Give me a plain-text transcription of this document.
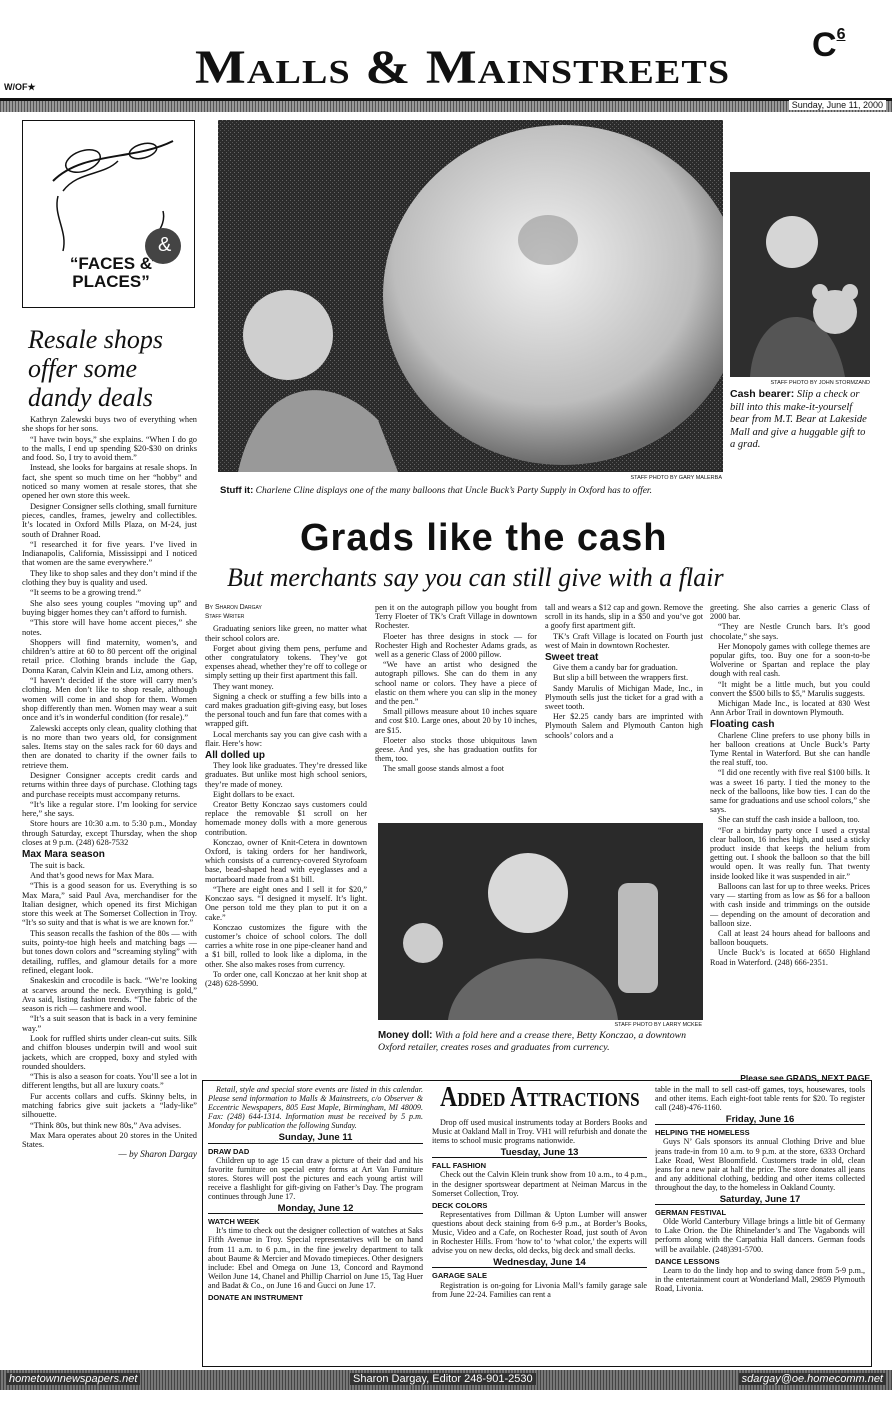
W/OF★	Malls & Mainstreets $C^6$
Sunday, June 11, 2000
&
“FACES & PLACES”
Resale shops offer some dandy deals

Kathryn Zalewski buys two of everything when she shops for her sons.

“I have twin boys,” she explains. “When I do go to the malls, I end up spending $20-$30 on drinks and food. So, I try to avoid them.”

Instead, she looks for bargains at resale shops. In fact, she spent so much time on her “hobby” and noticed so many women at resale stores, that she opened her own store this week.

Designer Consigner sells clothing, small furniture pieces, candles, frames, jewelry and collectibles. It’s located in Oxford Mills Plaza, on M-24, just south of Drahner Road.

“I researched it for five years. I’ve lived in Indianapolis, California, Mississippi and I noticed that women are the same everywhere.”

They like to shop sales and they don’t mind if the clothing they buy is quality and used.

“It seems to be a growing trend.”

She also sees young couples “moving up” and buying bigger homes they can’t afford to furnish.

“This store will have home accent pieces,” she notes.

Shoppers will find maternity, women’s, and children’s attire at 60 to 80 percent off the original retail price. Clothing brands include the Gap, Donna Karan, Calvin Klein and Liz, among others.

“I haven’t decided if the store will carry men’s clothing. Men don’t like to shop resale, although women will come in and shop for them. Women shop differently than men. Women may wear a suit once and it’s in wonderful condition (for resale).”

Zalewski accepts only clean, quality clothing that is no more than two years old, for consignment sales. Items stay on the sales rack for 60 days and then are donated to charity if the owner fails to retrieve them.

Designer Consigner accepts credit cards and returns within three days of purchase. Clothing tags and purchase receipts must accompany returns.

“It’s like a regular store. I’m looking for service here,” she says.

Store hours are 10:30 a.m. to 5:30 p.m., Monday through Saturday, except Thursday, when the shop closes at 9 p.m. (248) 628-7532

Max Mara season

The suit is back.

And that’s good news for Max Mara.

“This is a good season for us. Everything is so Max Mara,” said Paul Ava, merchandiser for the Italian designer, which opened its first Michigan store this week at The Somerset Collection in Troy. “It’s so suity and that is what is we are known for.”

This season recalls the fashion of the 80s — with suits, pointy-toe high heels and matching bags — but tones down colors and “screaming styling” with detailing, ruffles, and glamour details for a more refined, elegant look.

Snakeskin and crocodile is back. “We’re looking at scarves around the neck. Everything is gold,” Ava said, listing fashion trends. “The fabric of the season is rich — cashmere and wool.

“It’s a suit season that is back in a very feminine way.”

Look for ruffled shirts under clean-cut suits. Silk and chiffon blouses underpin twill and wool suit jackets, which are cropped, boxy and styled with rounded shoulders.

“This is also a season for coats. You’ll see a lot in different lengths, but all are luxury coats.”

Fur accents collars and cuffs. Skinny belts, in matching fabrics give suit jackets a “lady-like” silhouette.

“Think 80s, but think new 80s,” Ava advises.

Max Mara operates about 20 stores in the United States.

— by Sharon Dargay
STAFF PHOTO BY GARY MALERBA
Stuff it: Charlene Cline displays one of the many balloons that Uncle Buck’s Party Supply in Oxford has to offer.
STAFF PHOTO BY JOHN STORMZAND
Cash bearer: Slip a check or bill into this make-it-yourself bear from M.T. Bear at Lakeside Mall and give a huggable gift to a grad.
Grads like the cash
But merchants say you can still give with a flair
By Sharon Dargay
Staff Writer

Graduating seniors like green, no matter what their school colors are.

Forget about giving them pens, perfume and other congratulatory tokens. They’ve got expenses ahead, whether they’re off to college or simply setting up their first apartment this fall.

They want money.

Signing a check or stuffing a few bills into a card makes graduation gift-giving easy, but loses the personal touch and fun fare that comes with a wrapped gift.

Local merchants say you can give cash with a flair. Here’s how:

All dolled up

They look like graduates. They’re dressed like graduates. But unlike most high school seniors, they’re made of money.

Eight dollars to be exact.

Creator Betty Konczao says customers could replace the removable $1 scroll on her homemade money dolls with a more generous contribution.

Konczao, owner of Knit-Cetera in downtown Oxford, is taking orders for her handiwork, which consists of a currency-covered Styrofoam base, bead-shaped head with eyeglasses and a mortarboard made from a $1 bill.

“There are eight ones and I sell it for $20,” Konczao says. “I designed it myself. It’s light. One person told me they plan to put it on a cake.”

Konczao customizes the figure with the customer’s choice of school colors. The doll carries a white rose in one pipe-cleaner hand and a $1 bill, rolled to look like a diploma, in the other. She also makes roses from currency.

To order one, call Konczao at her knit shop at (248) 628-5990.

pen it on the autograph pillow you bought from Terry Floeter of TK’s Craft Village in downtown Rochester.

Floeter has three designs in stock — for Rochester High and Rochester Adams grads, as well as a generic Class of 2000 pillow.

“We have an artist who designed the autograph pillows. She can do them in any school name or colors. They have a piece of elastic on them where you can slip in the money and the pen.”

Small pillows measure about 10 inches square and cost $10. Large ones, about 20 by 10 inches, are $15.

Floeter also stocks those ubiquitous lawn geese. And yes, she has graduation outfits for them, too.

The small goose stands almost a foot

tall and wears a $12 cap and gown. Remove the scroll in its hands, slip in a $50 and you’ve got a goofy first apartment gift.

TK’s Craft Village is located on Fourth just west of Main in downtown Rochester.

Sweet treat

Give them a candy bar for graduation.

But slip a bill between the wrappers first.

Sandy Marulis of Michigan Made, Inc., in Plymouth sells just the ticket for a grad with a sweet tooth.

Her $2.25 candy bars are imprinted with Plymouth Salem and Plymouth Canton high schools’ colors and a

greeting. She also carries a generic Class of 2000 bar.

“They are Nestle Crunch bars. It’s good chocolate,” she says.

Her Monopoly games with college themes are popular gifts, too. Buy one for a soon-to-be Wolverine or Spartan and replace the play dough with real cash.

“It might be a little much, but you could convert the $500 bills to $5,” Marulis suggests.

Michigan Made Inc., is located at 830 West Ann Arbor Trail in downtown Plymouth.

Floating cash

Charlene Cline prefers to use phony bills in her balloon creations at Uncle Buck’s Party Tyme Rental in Waterford. But she can handle the real stuff, too.

“I did one recently with five real $100 bills. It was a sweet 16 party. I tied the money to the neck of the balloons, like bow ties. I can do the same for graduations and use school colors,” she says.

She can stuff the cash inside a balloon, too.

“For a birthday party once I used a crystal clear balloon, 16 inches high, and used a sticky product inside that keeps the helium from getting out. I shook the balloon so that the bill would open. It was really fun. That twenty inside looked like it was suspended in air.”

Balloons can last for up to three weeks. Prices vary — starting from as low as $6 for a balloon with cash inside and trimmings on the outside — depending on the amount of decoration and balloon size.

Call at least 24 hours ahead for balloons and balloon bouquets.

Uncle Buck’s is located at 6650 Highland Road in Waterford. (248) 666-2351.

Please see GRADS, NEXT PAGE
STAFF PHOTO BY LARRY MCKEE
Money doll: With a fold here and a crease there, Betty Konczao, a downtown Oxford retailer, creates roses and graduates from currency.

Retail, style and special store events are listed in this calendar. Please send information to Malls & Mainstreets, c/o Observer & Eccentric Newspapers, 805 East Maple, Birmingham, MI 48009. Fax: (248) 644-1314. Information must be received by 5 p.m. Monday for publication the following Sunday.

Sunday, June 11
DRAW DAD

Children up to age 15 can draw a picture of their dad and his favorite furniture on special entry forms at Art Van Furniture stores. Stores will post the pictures and each young artist will receive a flashlight for gift-giving on Father’s Day. The program continues through June 17.

Monday, June 12
WATCH WEEK

It’s time to check out the designer collection of watches at Saks Fifth Avenue in Troy. Special representatives will be on hand from 11 a.m. to 6 p.m., in the fine jewelry department to talk about Baume & Mercier and Movado timepieces. Other designers include: Ebel and Omega on June 13, Concord and Raymond Weilon June 14, Chanel and Phillip Charriol on June 15, Tag Huer and Badat & Co., on June 16 and Gucci on June 17.

DONATE AN INSTRUMENT
Added Attractions

Drop off used musical instruments today at Borders Books and Music at Oakland Mall in Troy. VH1 will refurbish and donate the items to school music programs nationwide.

Tuesday, June 13
FALL FASHION

Check out the Calvin Klein trunk show from 10 a.m., to 4 p.m., in the designer sportswear department at Neiman Marcus in the Somerset Collection, Troy.

DECK COLORS

Representatives from Dillman & Upton Lumber will answer questions about deck staining from 6-9 p.m., at Border’s Books, Music, Video and a Cafe, on Rochester Road, just south of Avon in Rochester Hills. From ‘how to’ to ‘what color,’ the experts will advise you on new decks, old decks, big deck and small decks.

Wednesday, June 14
GARAGE SALE

Registration is on-going for Livonia Mall’s family garage sale from June 22-24. Families can rent a

table in the mall to sell cast-off games, toys, housewares, tools and other items. Each eight-foot table rents for $20. To register call (248)-476-1160.

Friday, June 16
HELPING THE HOMELESS

Guys N’ Gals sponsors its annual Clothing Drive and blue jeans trade-in from 10 a.m. to 9 p.m. at the store, 6333 Orchard Lake Road, West Bloomfield. Customers trade in old, clean jeans for a new pair at half the price. The store donates all jeans and any additional clothing, bedding and other items collected throughout the day, to the homeless in Oakland County.

Saturday, June 17
GERMAN FESTIVAL

Olde World Canterbury Village brings a little bit of Germany to Lake Orion. the Die Rhinelander’s and The Vagabonds will perform along with the Carpathia Hall dancers. German foods will be available. (248)391-5700.

DANCE LESSONS

Learn to do the lindy hop and to swing dance from 5-9 p.m., in the entertainment court at Wonderland Mall, 29859 Plymouth Road, Livonia.

hometownnewspapers.net	Sharon Dargay, Editor 248-901-2530	sdargay@oe.homecomm.net
